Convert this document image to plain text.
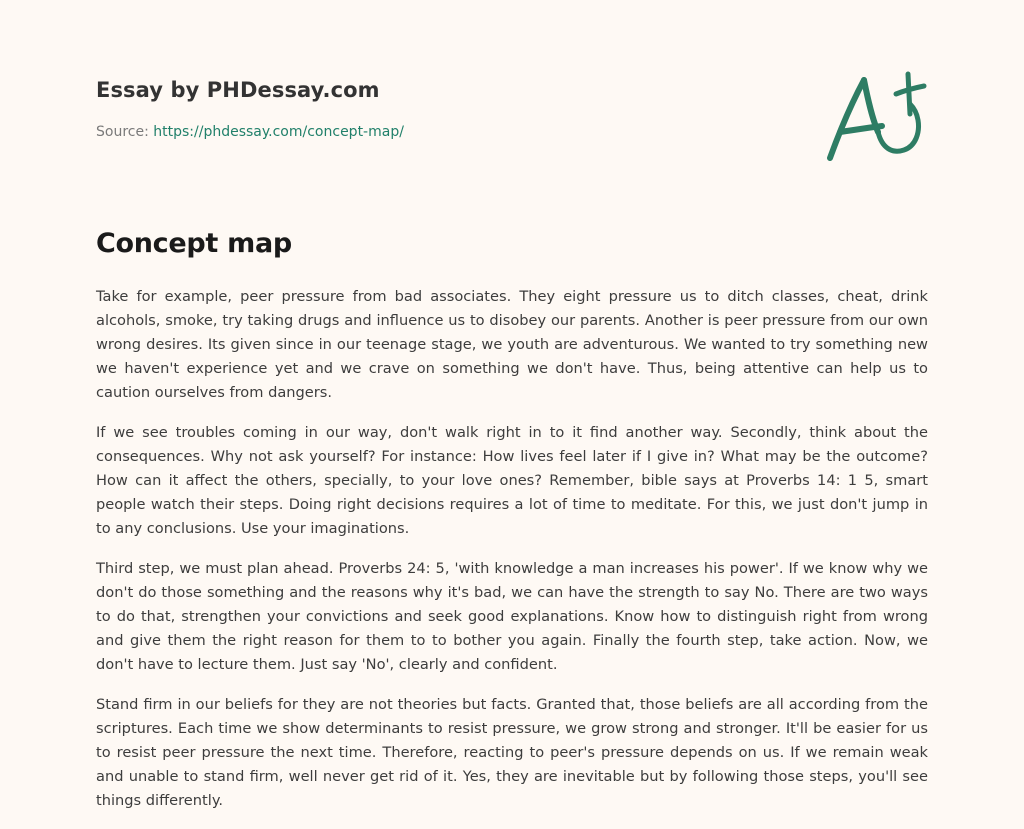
Essay by PHDessay.com
Source: https://phdessay.com/concept-map/
Concept map

Take for example, peer pressure from bad associates. They eight pressure us to ditch classes, cheat, drink alcohols, smoke, try taking drugs and influence us to disobey our parents. Another is peer pressure from our own wrong desires. Its given since in our teenage stage, we youth are adventurous. We wanted to try something new we haven't experience yet and we crave on something we don't have. Thus, being attentive can help us to caution ourselves from dangers.

If we see troubles coming in our way, don't walk right in to it find another way. Secondly, think about the consequences. Why not ask yourself? For instance: How lives feel later if I give in? What may be the outcome? How can it affect the others, specially, to your love ones? Remember, bible says at Proverbs 14: 1 5, smart people watch their steps. Doing right decisions requires a lot of time to meditate. For this, we just don't jump in to any conclusions. Use your imaginations.

Third step, we must plan ahead. Proverbs 24: 5, 'with knowledge a man increases his power'. If we know why we don't do those something and the reasons why it's bad, we can have the strength to say No. There are two ways to do that, strengthen your convictions and seek good explanations. Know how to distinguish right from wrong and give them the right reason for them to to bother you again. Finally the fourth step, take action. Now, we don't have to lecture them. Just say 'No', clearly and confident.

Stand firm in our beliefs for they are not theories but facts. Granted that, those beliefs are all according from the scriptures. Each time we show determinants to resist pressure, we grow strong and stronger. It'll be easier for us to resist peer pressure the next time. Therefore, reacting to peer's pressure depends on us. If we remain weak and unable to stand firm, well never get rid of it. Yes, they are inevitable but by following those steps, you'll see things differently.
